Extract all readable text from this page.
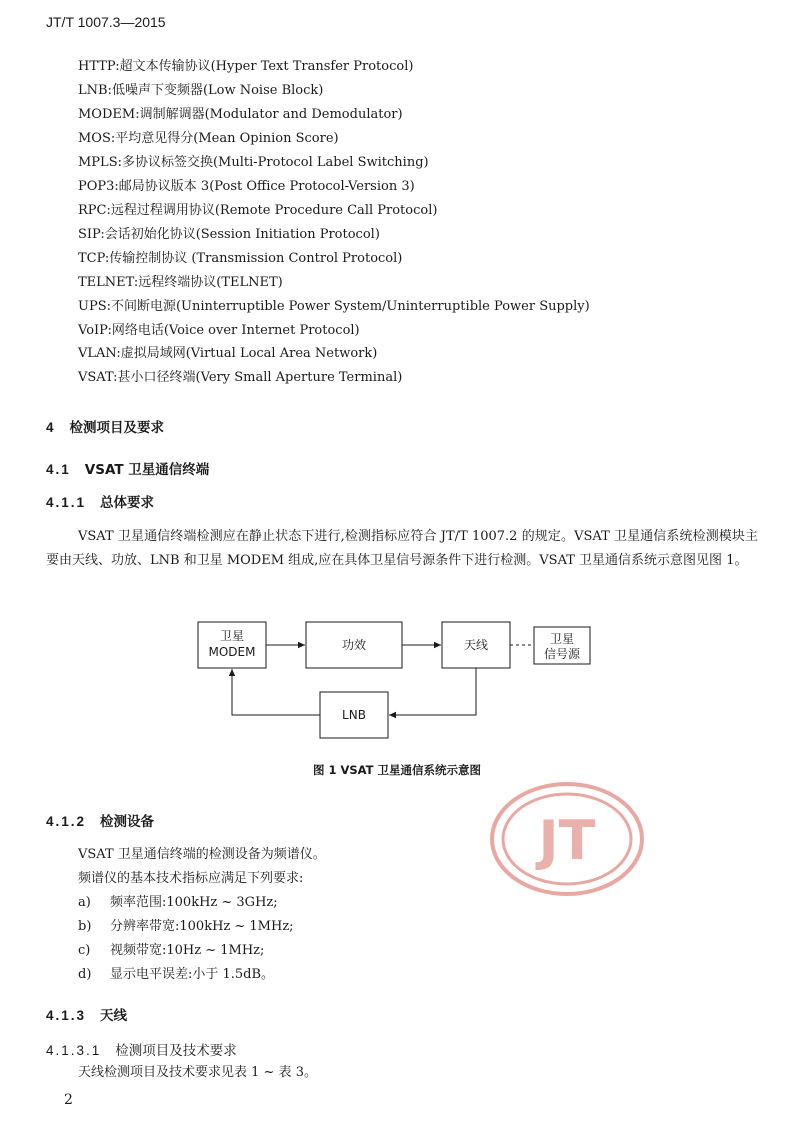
JT/T 1007.3—2015
HTTP:超文本传输协议(Hyper Text Transfer Protocol)
LNB:低噪声下变频器(Low Noise Block)
MODEM:调制解调器(Modulator and Demodulator)
MOS:平均意见得分(Mean Opinion Score)
MPLS:多协议标签交换(Multi-Protocol Label Switching)
POP3:邮局协议版本 3(Post Office Protocol-Version 3)
RPC:远程过程调用协议(Remote Procedure Call Protocol)
SIP:会话初始化协议(Session Initiation Protocol)
TCP:传输控制协议 (Transmission Control Protocol)
TELNET:远程终端协议(TELNET)
UPS:不间断电源(Uninterruptible Power System/Uninterruptible Power Supply)
VoIP:网络电话(Voice over Internet Protocol)
VLAN:虚拟局域网(Virtual Local Area Network)
VSAT:甚小口径终端(Very Small Aperture Terminal)
4 检测项目及要求
4.1 VSAT 卫星通信终端
4.1.1 总体要求
VSAT 卫星通信终端检测应在静止状态下进行,检测指标应符合 JT/T 1007.2 的规定。VSAT 卫星通信系统检测模块主要由天线、功放、LNB 和卫星 MODEM 组成,应在具体卫星信号源条件下进行检测。VSAT 卫星通信系统示意图见图 1。
卫星
MODEM	功效	天线	卫星
信号源
LNB
图 1 VSAT 卫星通信系统示意图
JT
4.1.2 检测设备
VSAT 卫星通信终端的检测设备为频谱仪。
频谱仪的基本技术指标应满足下列要求:
a) 频率范围:100kHz ~ 3GHz;
b) 分辨率带宽:100kHz ~ 1MHz;
c) 视频带宽:10Hz ~ 1MHz;
d) 显示电平误差:小于 1.5dB。
4.1.3 天线
4.1.3.1 检测项目及技术要求
天线检测项目及技术要求见表 1 ~ 表 3。
2
